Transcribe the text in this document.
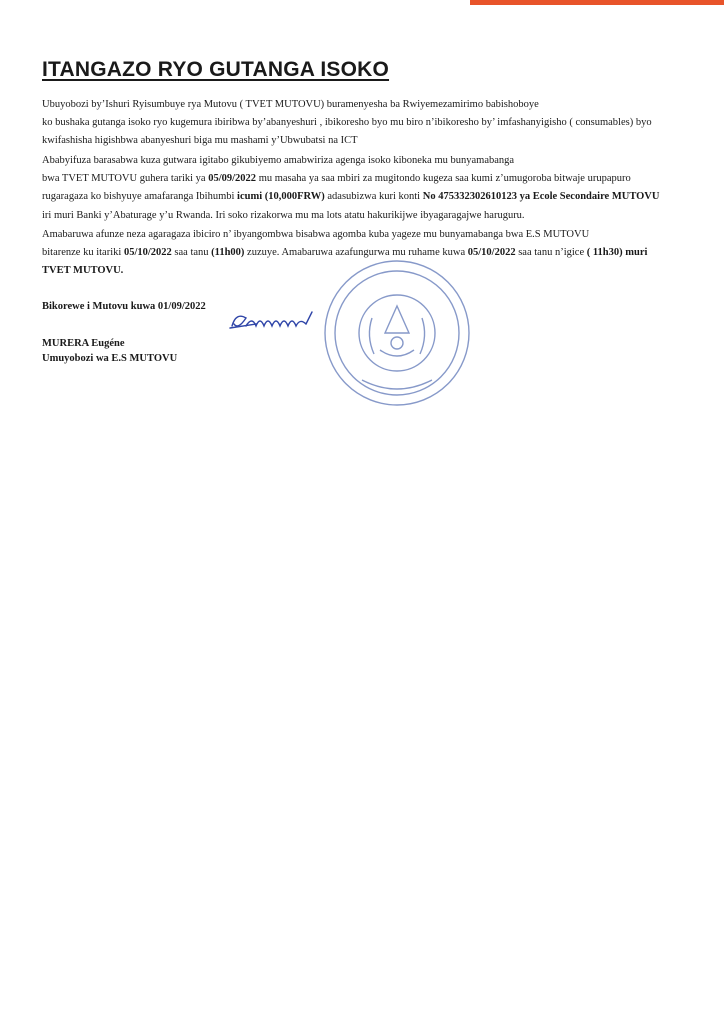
ITANGAZO RYO GUTANGA ISOKO
Ubuyobozi by’Ishuri Ryisumbuye rya Mutovu ( TVET MUTOVU) buramenyesha ba Rwiyemezamirimo babishoboye
ko bushaka gutanga isoko ryo kugemura ibiribwa by’abanyeshuri , ibikoresho byo mu biro n’ibikoresho by’ imfashanyigisho ( consumables) byo
kwifashisha higishbwa abanyeshuri biga mu mashami y’Ubwubatsi na ICT
Ababyifuza barasabwa kuza gutwara igitabo gikubiyemo amabwiriza agenga isoko kiboneka mu bunyamabanga
bwa TVET MUTOVU guhera tariki ya 05/09/2022 mu masaha ya saa mbiri za mugitondo kugeza saa kumi z’umugoroba bitwaje urupapuro
rugaragaza ko bishyuye amafaranga Ibihumbi icumi (10,000FRW) adasubizwa kuri konti No 475332302610123 ya Ecole Secondaire MUTOVU
iri muri Banki y’Abaturage y’u Rwanda. Iri soko rizakorwa mu ma lots atatu hakurikijwe ibyagaragajwe haruguru.
Amabaruwa afunze neza agaragaza ibiciro n’ ibyangombwa bisabwa agomba kuba yageze mu bunyamabanga bwa E.S MUTOVU
bitarenze ku itariki 05/10/2022 saa tanu (11h00) zuzuye. Amabaruwa azafungurwa mu ruhame kuwa 05/10/2022 saa tanu n’igice ( 11h30) muri
TVET MUTOVU.
Bikorewe i Mutovu kuwa 01/09/2022
MURERA Eugéne
Umuyobozi wa E.S MUTOVU
